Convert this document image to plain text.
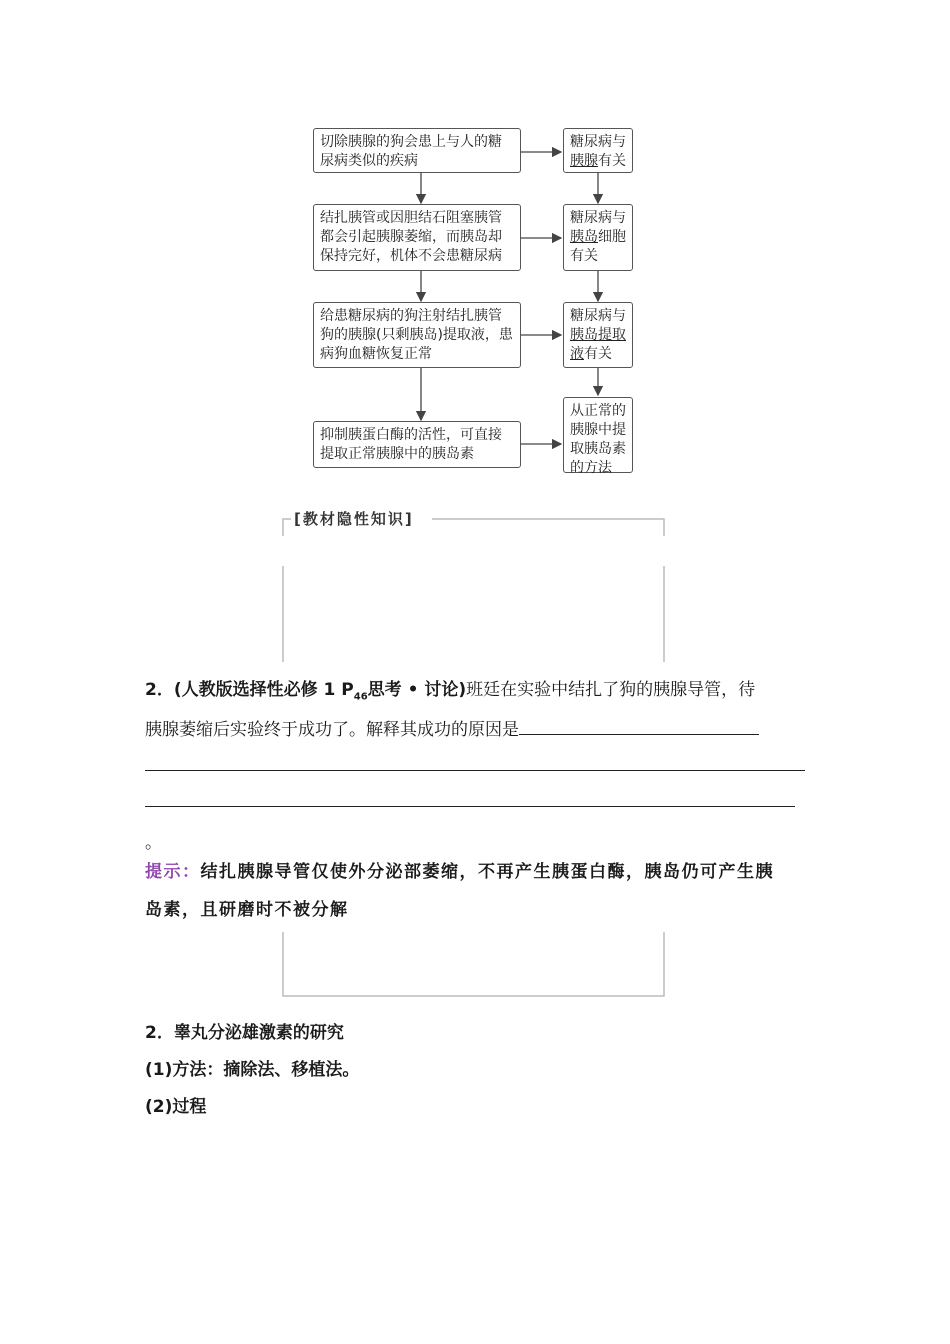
切除胰腺的狗会患上与人的糖尿病类似的疾病
结扎胰管或因胆结石阻塞胰管都会引起胰腺萎缩，而胰岛却保持完好，机体不会患糖尿病
给患糖尿病的狗注射结扎胰管狗的胰腺(只剩胰岛)提取液，患病狗血糖恢复正常
抑制胰蛋白酶的活性，可直接提取正常胰腺中的胰岛素
糖尿病与
胰腺有关
糖尿病与
胰岛细胞
有关
糖尿病与
胰岛提取
液有关
从正常的胰腺中提取胰岛素的方法
[教材隐性知识]
2．(人教版选择性必修 1 $P_{46}$思考 • 讨论)班廷在实验中结扎了狗的胰腺导管，待
胰腺萎缩后实验终于成功了。解释其成功的原因是
。
提示：结扎胰腺导管仅使外分泌部萎缩，不再产生胰蛋白酶，胰岛仍可产生胰
岛素，且研磨时不被分解
2．睾丸分泌雄激素的研究
(1)方法：摘除法、移植法。
(2)过程
